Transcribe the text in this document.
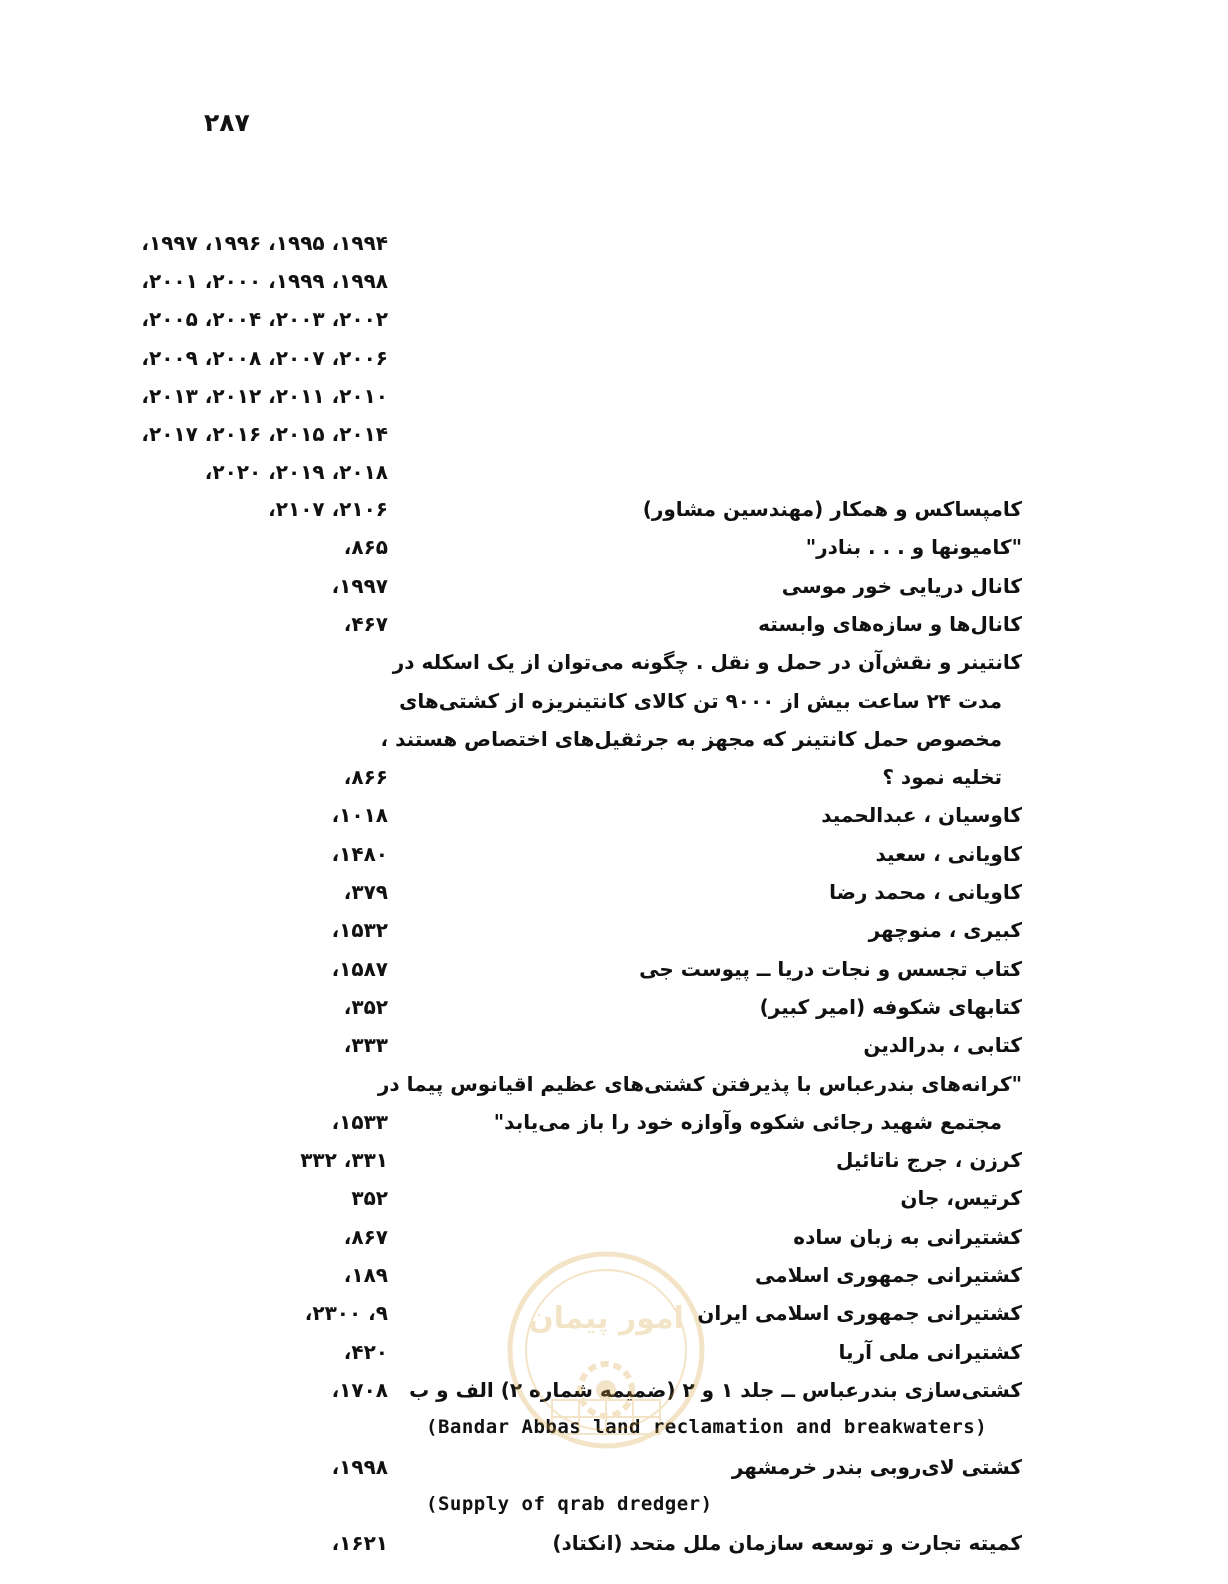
۲۸۷
۱۹۹۴، ۱۹۹۵، ۱۹۹۶، ۱۹۹۷،
۱۹۹۸، ۱۹۹۹، ۲۰۰۰، ۲۰۰۱،
۲۰۰۲، ۲۰۰۳، ۲۰۰۴، ۲۰۰۵،
۲۰۰۶، ۲۰۰۷، ۲۰۰۸، ۲۰۰۹،
۲۰۱۰، ۲۰۱۱، ۲۰۱۲، ۲۰۱۳،
۲۰۱۴، ۲۰۱۵، ۲۰۱۶، ۲۰۱۷،
۲۰۱۸، ۲۰۱۹، ۲۰۲۰،
کامپساکس و همکار (مهندسین مشاور)
۲۱۰۶، ۲۱۰۷،
"کامیونها و . . . بنادر"
۸۶۵،
کانال دریایی خور موسی
۱۹۹۷،
کانال‌ها و سازه‌های وابسته
۴۶۷،
کانتینر و نقش‌آن در حمل و نقل . چگونه می‌توان از یک اسکله در
مدت ۲۴ ساعت بیش از ۹۰۰۰ تن کالای کانتینریزه از کشتی‌های
مخصوص حمل کانتینر که مجهز به جرثقیل‌های اختصاص هستند ،
تخلیه نمود ؟
۸۶۶،
کاوسیان ، عبدالحمید
۱۰۱۸،
کاویانی ، سعید
۱۴۸۰،
کاویانی ، محمد رضا
۳۷۹،
کبیری ، منوچهر
۱۵۳۲،
کتاب تجسس و نجات دریا ــ پیوست جی
۱۵۸۷،
کتابهای شکوفه (امیر کبیر)
۳۵۲،
کتابی ، بدرالدین
۳۳۳،
"کرانه‌های بندرعباس با پذیرفتن کشتی‌های عظیم اقیانوس پیما در
مجتمع شهید رجائی شکوه وآوازه خود را باز می‌یابد"
۱۵۳۳،
کرزن ، جرج ناتائیل
۳۳۱، ۳۳۲
کرتیس، جان
۳۵۲
کشتیرانی به زبان ساده
۸۶۷،
کشتیرانی جمهوری اسلامی
۱۸۹،
کشتیرانی جمهوری اسلامی ایران
۹، ۲۳۰۰،
کشتیرانی ملی آریا
۴۲۰،
کشتی‌سازی بندرعباس ــ جلد ۱ و ۲ (ضمیمه شماره ۲) الف و ب
۱۷۰۸،
(Bandar Abbas land reclamation and breakwaters)
کشتی لای‌روبی بندر خرمشهر
۱۹۹۸،
(Supply of qrab dredger)
کمیته تجارت و توسعه سازمان ملل متحد (انکتاد)
۱۶۲۱،
امور پیمان
